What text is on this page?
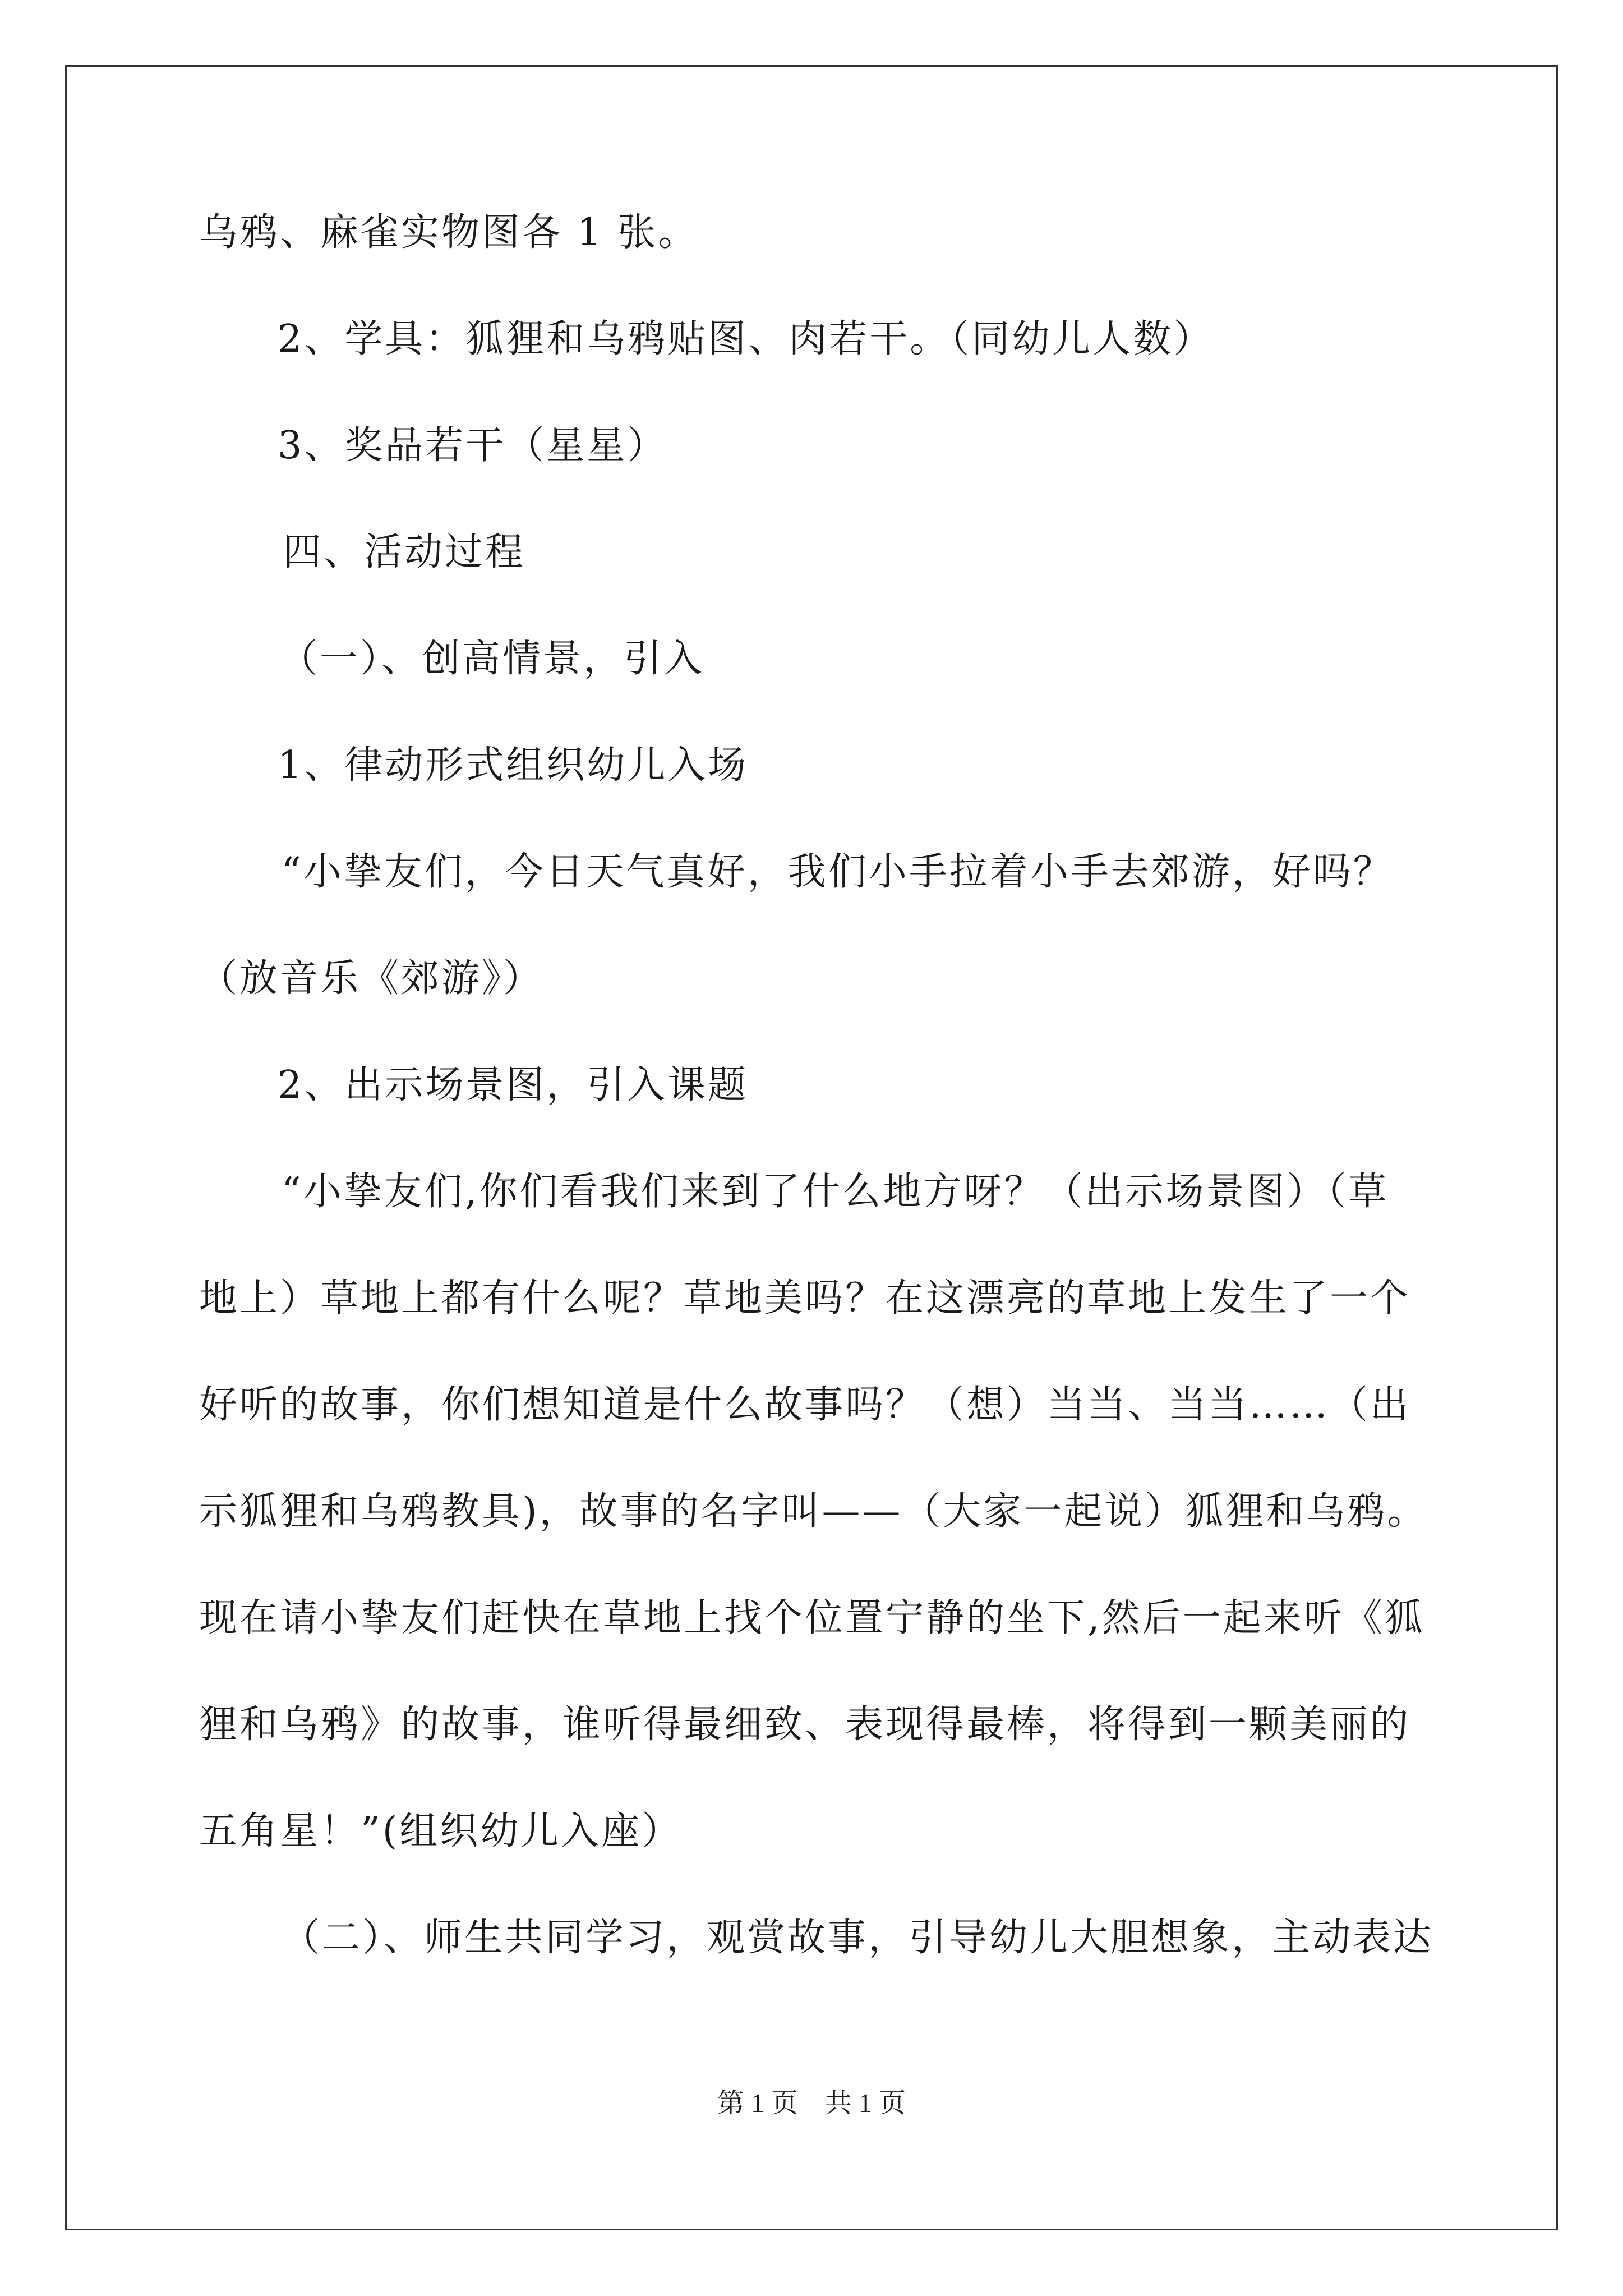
乌鸦、麻雀实物图各 1 张。
2、学具：狐狸和乌鸦贴图、肉若干。（同幼儿人数）
3、奖品若干（星星）
四、活动过程
（一）、创高情景，引入
1、律动形式组织幼儿入场
“小挚友们，今日天气真好，我们小手拉着小手去郊游，好吗？
（放音乐《郊游》）
2、出示场景图，引入课题
“小挚友们,你们看我们来到了什么地方呀？（出示场景图）（草
地上）草地上都有什么呢？草地美吗？在这漂亮的草地上发生了一个
好听的故事，你们想知道是什么故事吗？（想）当当、当当……（出
示狐狸和乌鸦教具)，故事的名字叫——（大家一起说）狐狸和乌鸦。
现在请小挚友们赶快在草地上找个位置宁静的坐下,然后一起来听《狐
狸和乌鸦》的故事，谁听得最细致、表现得最棒，将得到一颗美丽的
五角星！”(组织幼儿入座）
（二）、师生共同学习，观赏故事，引导幼儿大胆想象，主动表达
第 1 页 共 1 页
